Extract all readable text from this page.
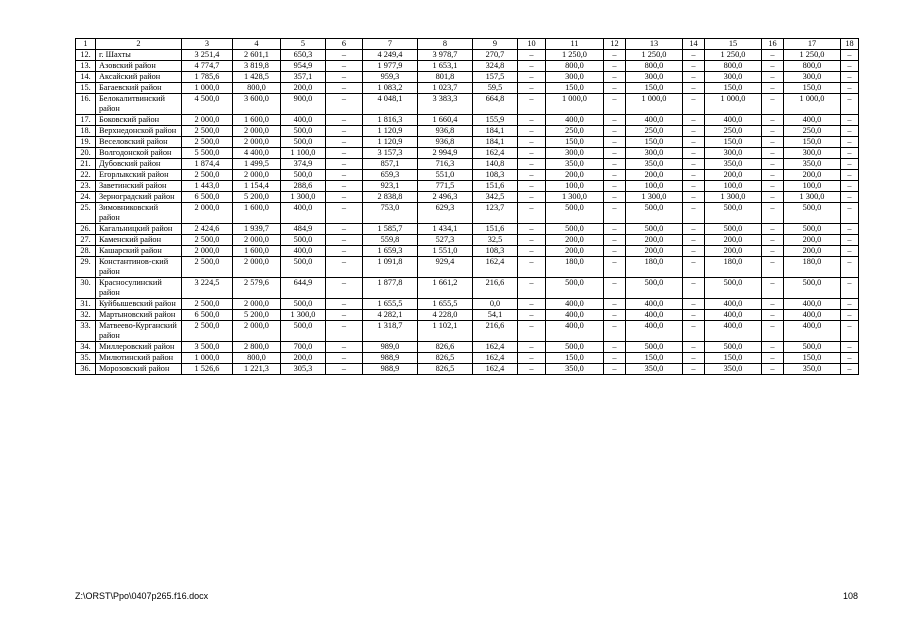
1	2	3	4	5	6	7	8	9	10	11	12	13	14	15	16	17	18
12.	г. Шахты	3 251,4	2 601,1	650,3	–	4 249,4	3 978,7	270,7	–	1 250,0	–	1 250,0	–	1 250,0	–	1 250,0	–
13.	Азовский район	4 774,7	3 819,8	954,9	–	1 977,9	1 653,1	324,8	–	800,0	–	800,0	–	800,0	–	800,0	–
14.	Аксайский район	1 785,6	1 428,5	357,1	–	959,3	801,8	157,5	–	300,0	–	300,0	–	300,0	–	300,0	–
15.	Багаевский район	1 000,0	800,0	200,0	–	1 083,2	1 023,7	59,5	–	150,0	–	150,0	–	150,0	–	150,0	–
16.	Белокалитвинский район	4 500,0	3 600,0	900,0	–	4 048,1	3 383,3	664,8	–	1 000,0	–	1 000,0	–	1 000,0	–	1 000,0	–
17.	Боковский район	2 000,0	1 600,0	400,0	–	1 816,3	1 660,4	155,9	–	400,0	–	400,0	–	400,0	–	400,0	–
18.	Верхнедонской район	2 500,0	2 000,0	500,0	–	1 120,9	936,8	184,1	–	250,0	–	250,0	–	250,0	–	250,0	–
19.	Веселовский район	2 500,0	2 000,0	500,0	–	1 120,9	936,8	184,1	–	150,0	–	150,0	–	150,0	–	150,0	–
20.	Волгодонской район	5 500,0	4 400,0	1 100,0	–	3 157,3	2 994,9	162,4	–	300,0	–	300,0	–	300,0	–	300,0	–
21.	Дубовский район	1 874,4	1 499,5	374,9	–	857,1	716,3	140,8	–	350,0	–	350,0	–	350,0	–	350,0	–
22.	Егорлыкский район	2 500,0	2 000,0	500,0	–	659,3	551,0	108,3	–	200,0	–	200,0	–	200,0	–	200,0	–
23.	Заветинский район	1 443,0	1 154,4	288,6	–	923,1	771,5	151,6	–	100,0	–	100,0	–	100,0	–	100,0	–
24.	Зерноградский район	6 500,0	5 200,0	1 300,0	–	2 838,8	2 496,3	342,5	–	1 300,0	–	1 300,0	–	1 300,0	–	1 300,0	–
25.	Зимовниковский район	2 000,0	1 600,0	400,0	–	753,0	629,3	123,7	–	500,0	–	500,0	–	500,0	–	500,0	–
26.	Кагальницкий район	2 424,6	1 939,7	484,9	–	1 585,7	1 434,1	151,6	–	500,0	–	500,0	–	500,0	–	500,0	–
27.	Каменский район	2 500,0	2 000,0	500,0	–	559,8	527,3	32,5	–	200,0	–	200,0	–	200,0	–	200,0	–
28.	Кашарский район	2 000,0	1 600,0	400,0	–	1 659,3	1 551,0	108,3	–	200,0	–	200,0	–	200,0	–	200,0	–
29.	Константинов-ский район	2 500,0	2 000,0	500,0	–	1 091,8	929,4	162,4	–	180,0	–	180,0	–	180,0	–	180,0	–
30.	Красносулинский район	3 224,5	2 579,6	644,9	–	1 877,8	1 661,2	216,6	–	500,0	–	500,0	–	500,0	–	500,0	–
31.	Куйбышевский район	2 500,0	2 000,0	500,0	–	1 655,5	1 655,5	0,0	–	400,0	–	400,0	–	400,0	–	400,0	–
32.	Мартыновский район	6 500,0	5 200,0	1 300,0	–	4 282,1	4 228,0	54,1	–	400,0	–	400,0	–	400,0	–	400,0	–
33.	Матвеево-Курганский район	2 500,0	2 000,0	500,0	–	1 318,7	1 102,1	216,6	–	400,0	–	400,0	–	400,0	–	400,0	–
34.	Миллеровский район	3 500,0	2 800,0	700,0	–	989,0	826,6	162,4	–	500,0	–	500,0	–	500,0	–	500,0	–
35.	Милютинский район	1 000,0	800,0	200,0	–	988,9	826,5	162,4	–	150,0	–	150,0	–	150,0	–	150,0	–
36.	Морозовский район	1 526,6	1 221,3	305,3	–	988,9	826,5	162,4	–	350,0	–	350,0	–	350,0	–	350,0	–
Z:\ORST\Ppo\0407p265.f16.docx	108
